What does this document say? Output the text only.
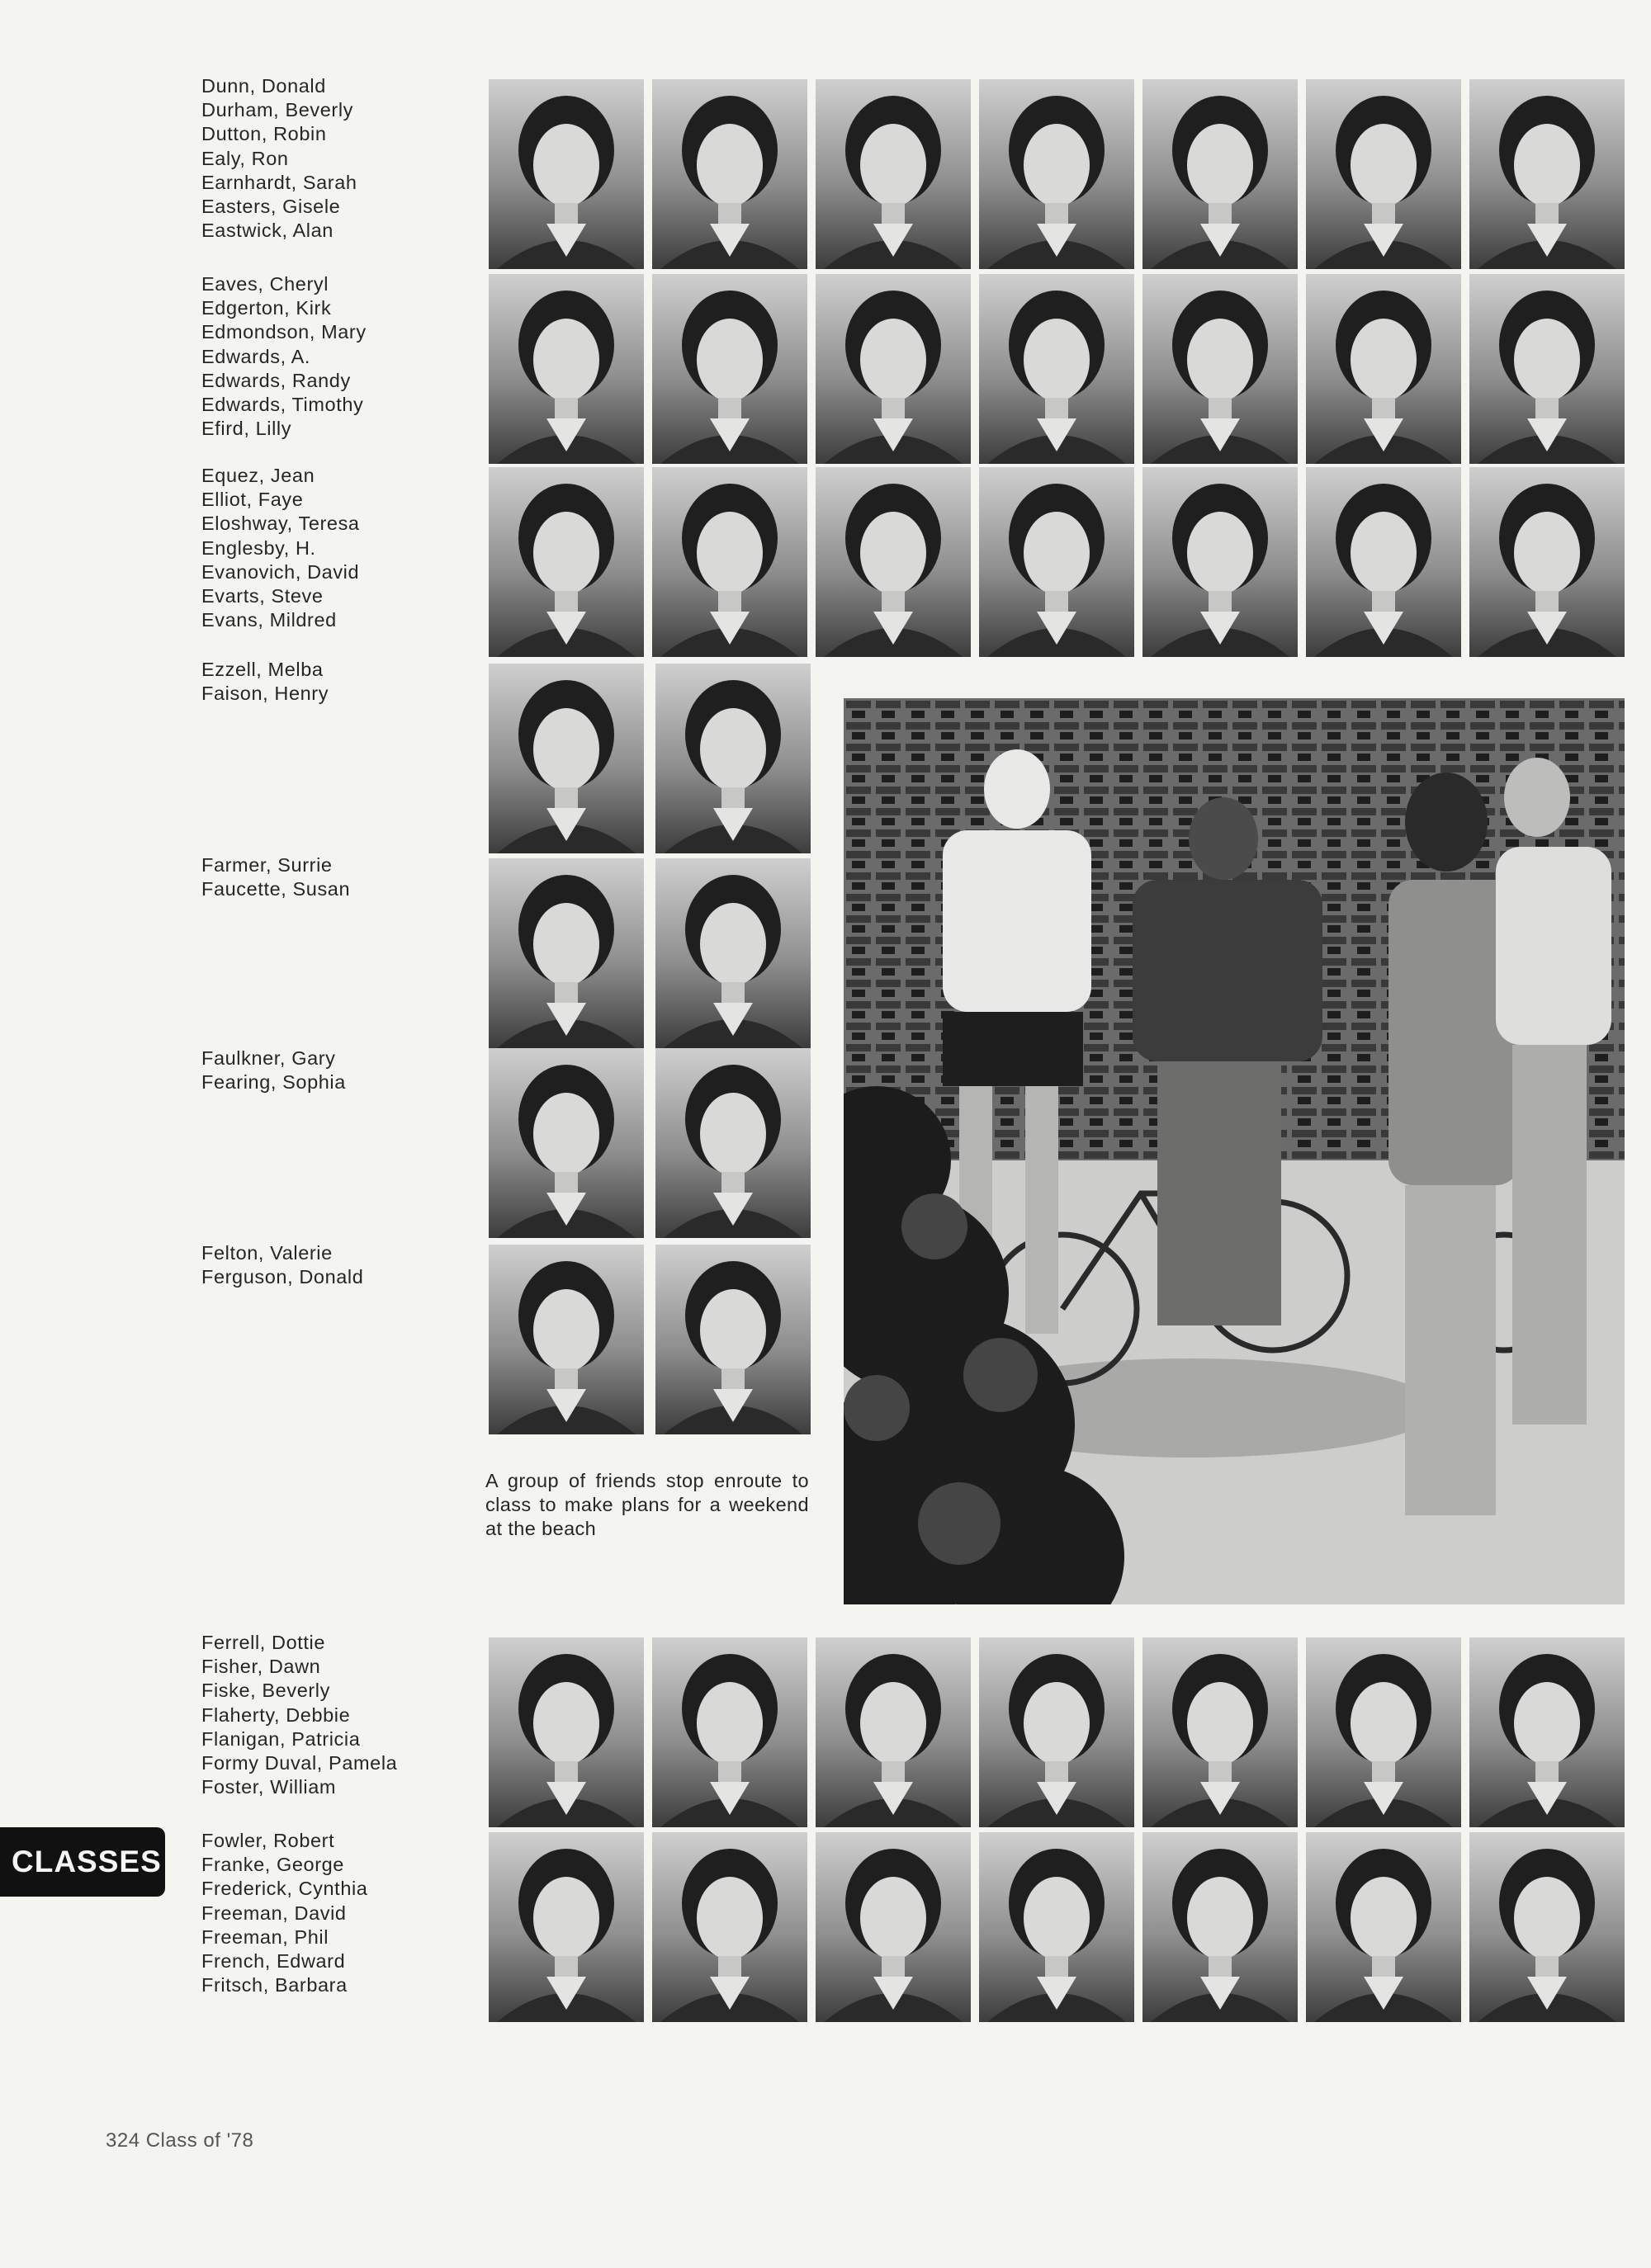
Dunn, Donald
Durham, Beverly
Dutton, Robin
Ealy, Ron
Earnhardt, Sarah
Easters, Gisele
Eastwick, Alan
Eaves, Cheryl
Edgerton, Kirk
Edmondson, Mary
Edwards, A.
Edwards, Randy
Edwards, Timothy
Efird, Lilly
Equez, Jean
Elliot, Faye
Eloshway, Teresa
Englesby, H.
Evanovich, David
Evarts, Steve
Evans, Mildred
Ezzell, Melba
Faison, Henry
Farmer, Surrie
Faucette, Susan
Faulkner, Gary
Fearing, Sophia
Felton, Valerie
Ferguson, Donald
Ferrell, Dottie
Fisher, Dawn
Fiske, Beverly
Flaherty, Debbie
Flanigan, Patricia
Formy Duval, Pamela
Foster, William
Fowler, Robert
Franke, George
Frederick, Cynthia
Freeman, David
Freeman, Phil
French, Edward
Fritsch, Barbara
A group of friends stop enroute to class to make plans for a weekend at the beach
CLASSES
324 Class of '78
